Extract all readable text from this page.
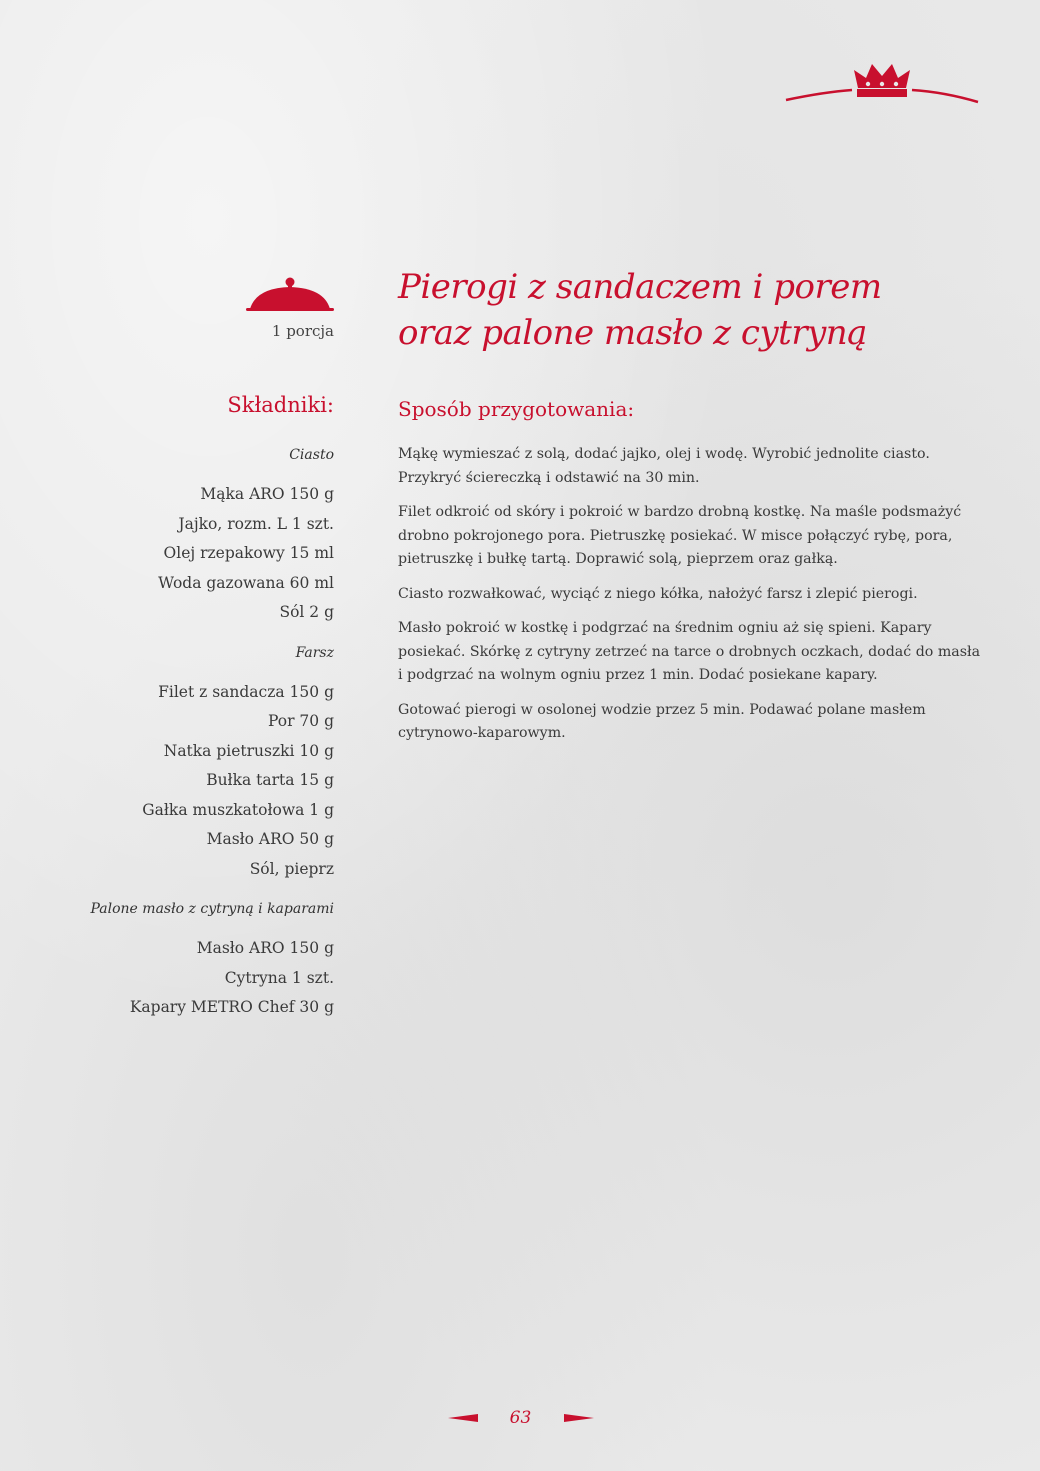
1 porcja
Pierogi z sandaczem i porem
oraz palone masło z cytryną
Składniki:
Ciasto
Mąka ARO 150 g
Jajko, rozm. L 1 szt.
Olej rzepakowy 15 ml
Woda gazowana 60 ml
Sól 2 g
Farsz
Filet z sandacza 150 g
Por 70 g
Natka pietruszki 10 g
Bułka tarta 15 g
Gałka muszkatołowa 1 g
Masło ARO 50 g
Sól, pieprz
Palone masło z cytryną i kaparami
Masło ARO 150 g
Cytryna 1 szt.
Kapary METRO Chef 30 g
Sposób przygotowania:

Mąkę wymieszać z solą, dodać jajko, olej i wodę. Wyrobić jednolite ciasto. Przykryć ściereczką i odstawić na 30 min.

Filet odkroić od skóry i pokroić w bardzo drobną kostkę. Na maśle podsmażyć drobno pokrojonego pora. Pietruszkę posiekać. W misce połączyć rybę, pora, pietruszkę i bułkę tartą. Doprawić solą, pieprzem oraz gałką.

Ciasto rozwałkować, wyciąć z niego kółka, nałożyć farsz i zlepić pierogi.

Masło pokroić w kostkę i podgrzać na średnim ogniu aż się spieni. Kapary posiekać. Skórkę z cytryny zetrzeć na tarce o drobnych oczkach, dodać do masła i podgrzać na wolnym ogniu przez 1 min. Dodać posiekane kapary.

Gotować pierogi w osolonej wodzie przez 5 min. Podawać polane masłem cytrynowo-kaparowym.

63
